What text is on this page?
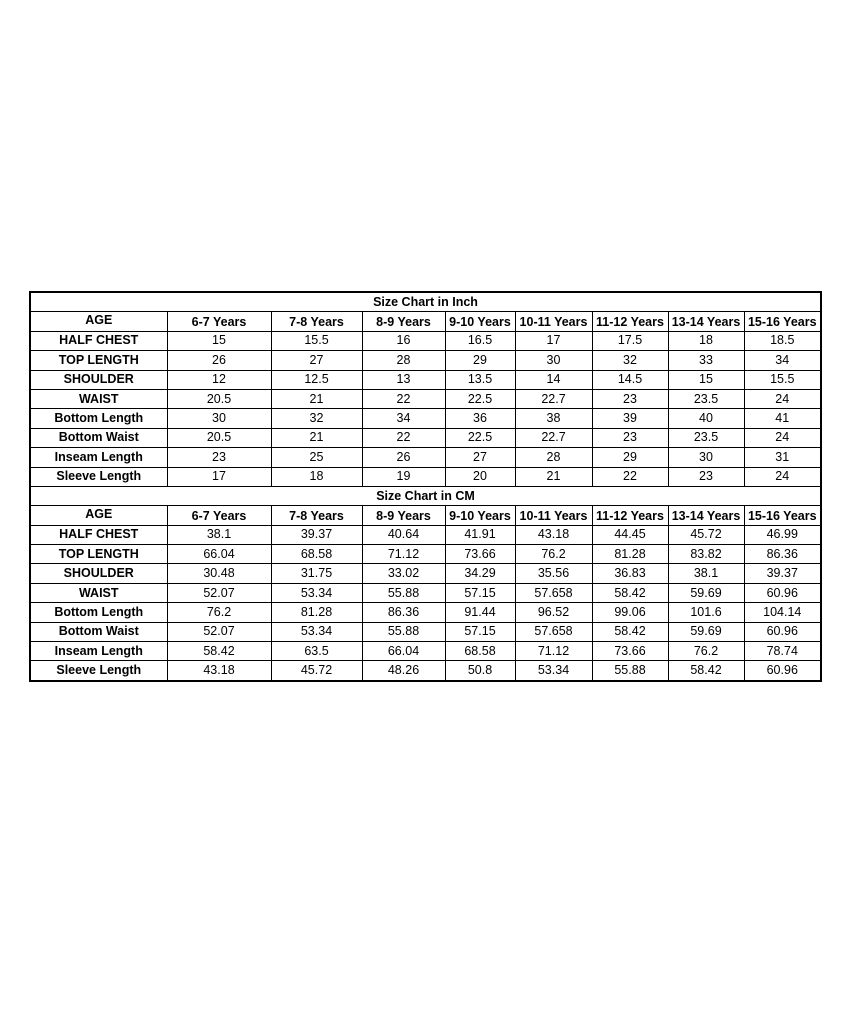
Size Chart in Inch								
AGE	6-7 Years	7-8 Years	8-9 Years	9-10 Years	10-11 Years	11-12 Years	13-14 Years	15-16 Years
HALF CHEST	15	15.5	16	16.5	17	17.5	18	18.5
TOP LENGTH	26	27	28	29	30	32	33	34
SHOULDER	12	12.5	13	13.5	14	14.5	15	15.5
WAIST	20.5	21	22	22.5	22.7	23	23.5	24
Bottom Length	30	32	34	36	38	39	40	41
Bottom Waist	20.5	21	22	22.5	22.7	23	23.5	24
Inseam Length	23	25	26	27	28	29	30	31
Sleeve Length	17	18	19	20	21	22	23	24
Size Chart in CM								
AGE	6-7 Years	7-8 Years	8-9 Years	9-10 Years	10-11 Years	11-12 Years	13-14 Years	15-16 Years
HALF CHEST	38.1	39.37	40.64	41.91	43.18	44.45	45.72	46.99
TOP LENGTH	66.04	68.58	71.12	73.66	76.2	81.28	83.82	86.36
SHOULDER	30.48	31.75	33.02	34.29	35.56	36.83	38.1	39.37
WAIST	52.07	53.34	55.88	57.15	57.658	58.42	59.69	60.96
Bottom Length	76.2	81.28	86.36	91.44	96.52	99.06	101.6	104.14
Bottom Waist	52.07	53.34	55.88	57.15	57.658	58.42	59.69	60.96
Inseam Length	58.42	63.5	66.04	68.58	71.12	73.66	76.2	78.74
Sleeve Length	43.18	45.72	48.26	50.8	53.34	55.88	58.42	60.96
